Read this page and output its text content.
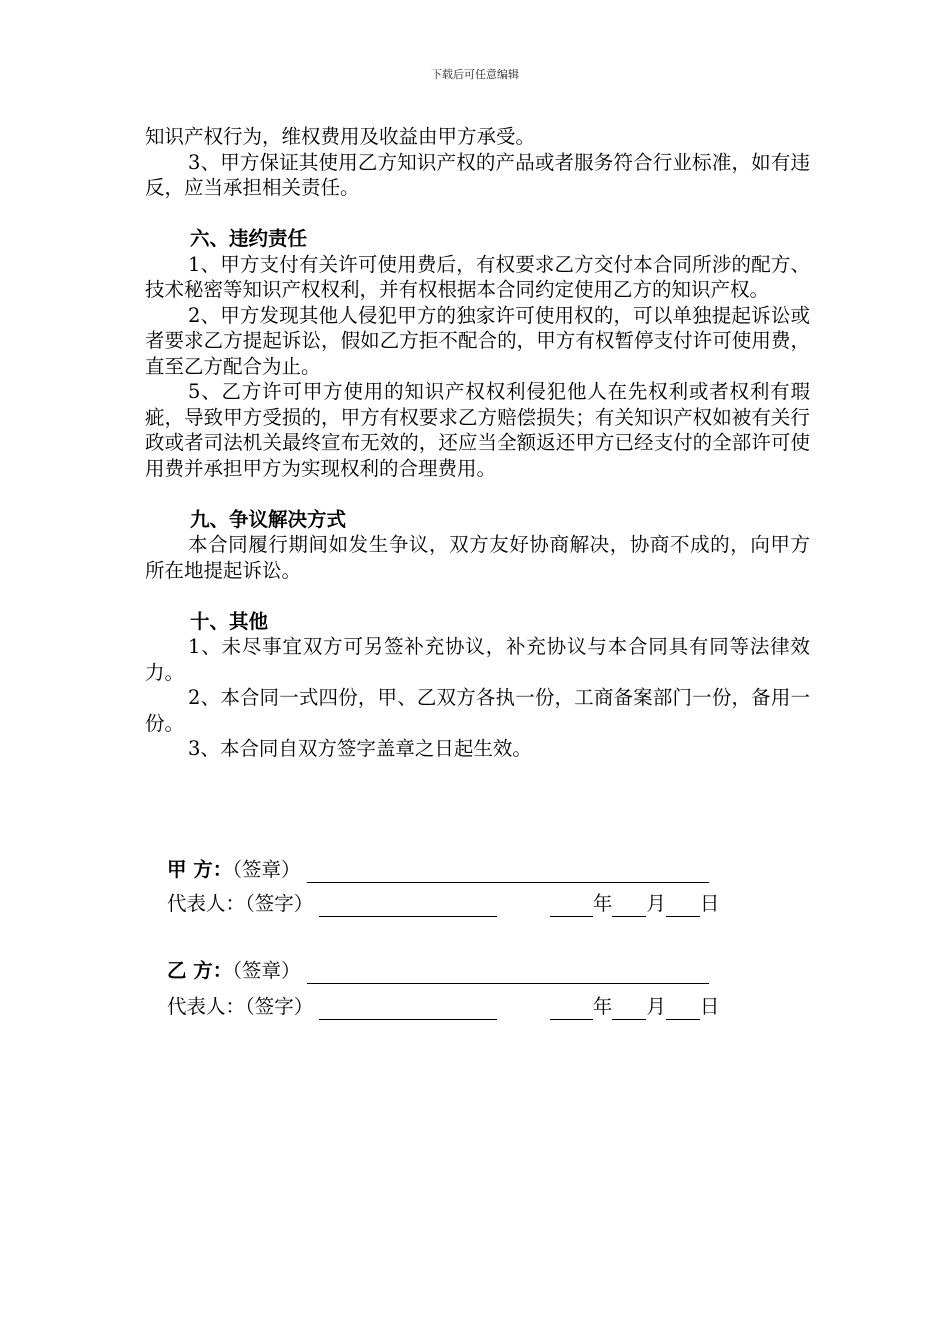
下载后可任意编辑

知识产权行为，维权费用及收益由甲方承受。

3、甲方保证其使用乙方知识产权的产品或者服务符合行业标准，如有违反，应当承担相关责任。

六、违约责任

1、甲方支付有关许可使用费后，有权要求乙方交付本合同所涉的配方、技术秘密等知识产权权利，并有权根据本合同约定使用乙方的知识产权。

2、甲方发现其他人侵犯甲方的独家许可使用权的，可以单独提起诉讼或者要求乙方提起诉讼，假如乙方拒不配合的，甲方有权暂停支付许可使用费，直至乙方配合为止。

5、乙方许可甲方使用的知识产权权利侵犯他人在先权利或者权利有瑕疵，导致甲方受损的，甲方有权要求乙方赔偿损失；有关知识产权如被有关行政或者司法机关最终宣布无效的，还应当全额返还甲方已经支付的全部许可使用费并承担甲方为实现权利的合理费用。

九、争议解决方式

本合同履行期间如发生争议，双方友好协商解决，协商不成的，向甲方所在地提起诉讼。

十、其他

1、未尽事宜双方可另签补充协议，补充协议与本合同具有同等法律效力。

2、本合同一式四份，甲、乙双方各执一份，工商备案部门一份，备用一份。

3、本合同自双方签字盖章之日起生效。

甲 方：（签章）
代表人：（签字）	年 月 日
乙 方：（签章）
代表人：（签字）	年 月 日
